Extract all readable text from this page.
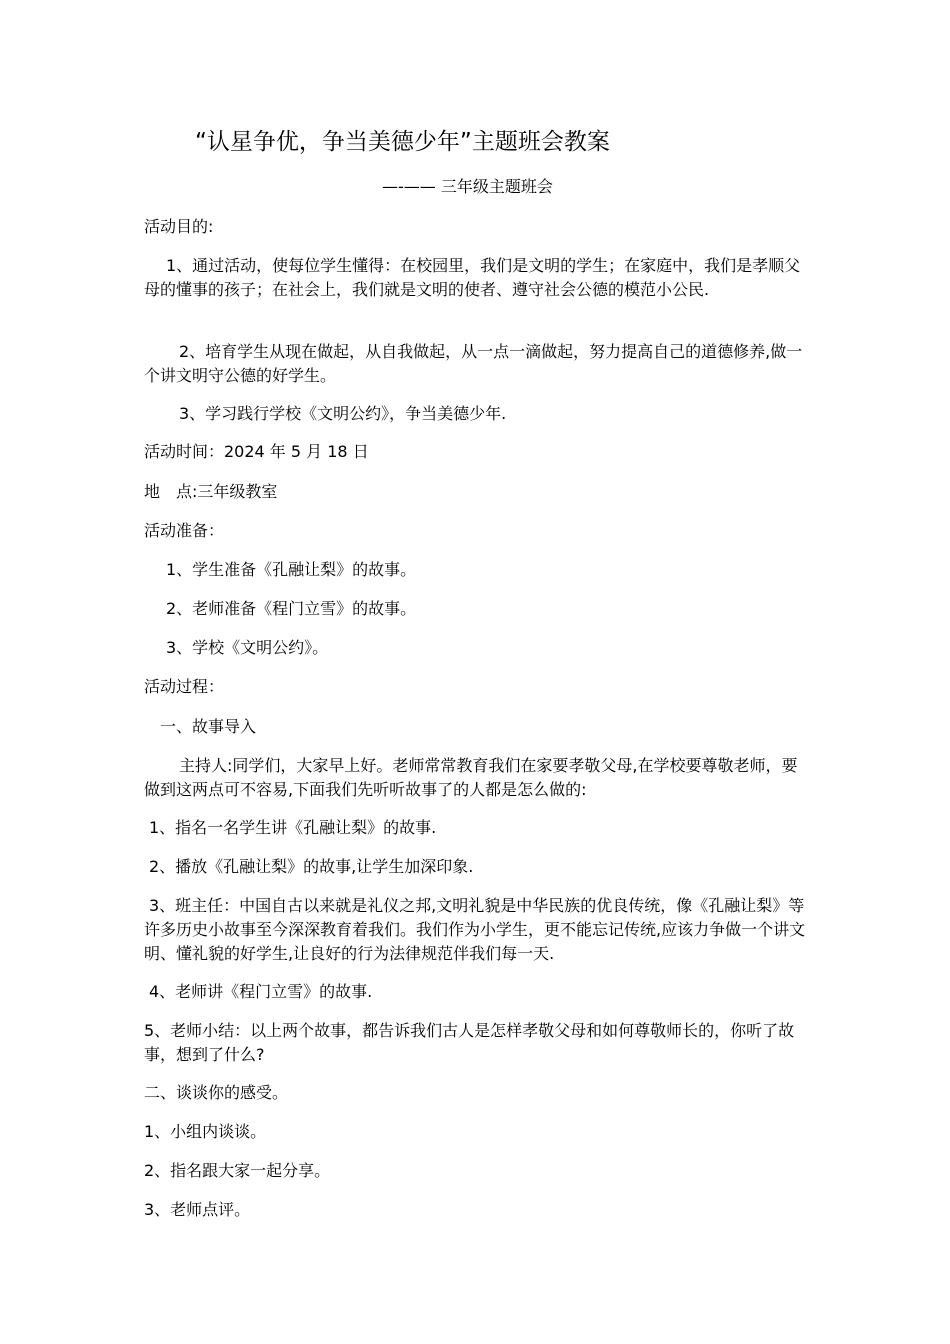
“认星争优，争当美德少年”主题班会教案
—-—— 三年级主题班会
活动目的:
1、通过活动，使每位学生懂得：在校园里，我们是文明的学生；在家庭中，我们是孝顺父母的懂事的孩子；在社会上，我们就是文明的使者、遵守社会公德的模范小公民.
2、培育学生从现在做起，从自我做起，从一点一滴做起，努力提高自己的道德修养,做一个讲文明守公德的好学生。
3、学习践行学校《文明公约》，争当美德少年.
活动时间：2024 年 5 月 18 日
地　点:三年级教室
活动准备：
1、学生准备《孔融让梨》的故事。
2、老师准备《程门立雪》的故事。
3、学校《文明公约》。
活动过程：
一、故事导入
主持人:同学们，大家早上好。老师常常教育我们在家要孝敬父母,在学校要尊敬老师，要做到这两点可不容易,下面我们先听听故事了的人都是怎么做的:
1、指名一名学生讲《孔融让梨》的故事.
2、播放《孔融让梨》的故事,让学生加深印象.
3、班主任：中国自古以来就是礼仪之邦,文明礼貌是中华民族的优良传统，像《孔融让梨》等许多历史小故事至今深深教育着我们。我们作为小学生，更不能忘记传统,应该力争做一个讲文明、懂礼貌的好学生,让良好的行为法律规范伴我们每一天.
4、老师讲《程门立雪》的故事.
5、老师小结：以上两个故事，都告诉我们古人是怎样孝敬父母和如何尊敬师长的，你听了故事，想到了什么?
二、谈谈你的感受。
1、小组内谈谈。
2、指名跟大家一起分享。
3、老师点评。
